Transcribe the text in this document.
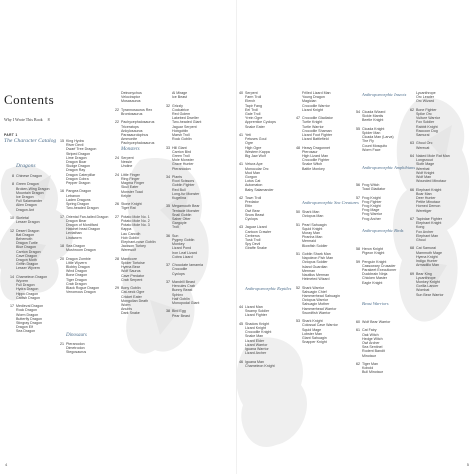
Contents
Why I Wrote This Book 8
PART 1
The Character Catalog
Dragons
8 Chinese Dragon
8 Green Dragon
Broken-Wing Dragon
Mountain Dragon
Ice Dragon
Full Salamander
Alien Dragon
Dragon Ant
10 Skeletal
Lesser Dragon
12 Desert Dragon
Bat Dragon
Behemoth
Dragon Turtle
Blue Dragon
Carrion Dragon
Cave Dragon
Dragon Moth
Griffin Dragon
Lesser Wyvern
14 Chameleon Dragon
Wyvern
Full Dragon
Hydra Dragon
Hippo Dragon
Catfish Dragon
17 Medieval Dragon
Rock Dragon
Worm Dragon
Butterfly Dragon
Stingray Dragon
Dragon Elf
Sea Dragon
15 King Hydra
River Devil
Dwarf Tree Dragon
Striped Dragon
Lime Dragon
Dragon Boar
Sludge Dragon
Dragon Ray
Dragon Caterpillar
Dragon Cobra
Pepper Dragon
16 Pangea Dragon
Lebanon
Laden Dragons
Spring Dragon
Two-headed Dragon
17 Oriental Fan-tailed Dragon
Dragon Bear
Dragon of Mordifard
Hatchet head Dragon
Leviathan
Lindworm
18 Sea Dragon
Mushroom Dragon
20 Dragon Zombie
Little Wyvern
Blobby Dragon
Wind Dragon
Bone Dragon
Tiger Dragon
Crab Dragon
Black Rogue Dragon
Venomous Dragon
Dinosaurs
21 Pteranodon
Dimetrodon
Stegosaurus
Deinonychus
Velociraptor
Mosasaurus
22 Tyrannosaurus Rex
Brontosaurus
22 Pachycephalosaurus
Triceratops
Ankylosaurus
Parasaurolophus
Ammonite
Pachycephalosaurus
Monsters
24 Serpent
Nessie
Undine
24 Little Finger
Ring Finger
Magma Finger
Skull Eater
Monster Toad
Kelpie
26 Stone Knight
Tiger Rat
27 Potato Mole No. 1
Potato Mole No. 2
Potato Mole No. 3
Kappa
Lau Carcolh
Hob Goblin
Elephant-nose Goblin
Jackson Turkey
Werewolf
28 Mantícore
Spider Tortoise
Hyena Bear
Wolf Saurus
Cave Predator
Crab Serpent
29 Bony Goblin
Cat-neck Ogre
Cricket Eater
Mongolian Death
Worm
Anubis
Dark Snake
Al Mirage
Ice Beast
32 Grizzly
Cockatrice
Red Golem
Lakebed Dweller
Two-headed Giant
Jaguar Serpent
Hobgoblin
Marsh Troll
Rock Goblin
33 Hill Giant
Carrion Bird
Green Troll
Mole Monster
Grave Hunter
Pteranodon
34 Plants
Root Scissors
Goblin Fighter
Red Bull
Long-fur Monster
Kugelina
35 Megamouth Bear
Tentacle Monster
Snail Goblin
Saber Otter
Gargoyle
Troll
36 Sun
Pygmy Goblin
Monkey
Lizard Pond
Iron Leaf Lizard
Cobra Lizard
37 Chocolate Iamamia
Crocodile
Cyclops
37 Mandrill Beast
Hercules Crab
Bunny Beast
Sphinx
Half Goblin
Monopodal Giant
38 Bird Egg
Pear Beast
4	5
40 Serpent
Farm Troll
Elerch
Tapir Fang
Eel Troll
Gale Troll
Yrein Ogre
Apprentice Cyclops
Snake Eater
41 Yeti
Fetuses Goul
Ogre
High Ogre
Western Kappa
Big Jaw Wolf
41 Vetura Ape
Monocular Orc
Mud Man
Gorgon
Lotus Cat
Automaton
Baby Salamander
42 Town Troll
Predator
Ettin
Owl Bear
Snow Beast
Cyclops
43 Jaguar Lizard
Cartoon Crawler
Cerberus
Tusk Troll
Spy Devil
Giraffe Snake
Anthropomorphic Reptiles
44 Lizard Man
Swamp Soldier
Lizard Fighter
45 Shadow Knight
Lizard Knight
Crocodile Knight
Snake Man
Lizard Elder
Lizard Warrior
Iguana Warrior
Lizard Archer
46 Iguana Man
Chameleon Knight
Frilled Lizard Man
Young Dragon
Magician
Crocodile Warrior
Lizard Knight
47 Crocodile Gladiator
Turtle Knight
Turtle Warrior
Crocodile Shaman
Lizard Foot Fighter
Lizard Battlefield
48 Heavy Dragonnet
Pterosaur
High Lizard Man
Crocodile Fighter
Snake Witch
Battle Monkey
Anthropomorphic Sea Creatures
50 Shark Man
Octopus Man
51 Pearl Sahuagin
Squid Knight
Moray Man
Piranha Man
Mermaid
Blowfish Soldier
51 Goblin Shark Man
Napoleon Fish Man
Octopus Soldier
Island Guardian
Merman
Nautilus Merman
Helmeted Wizard
52 Shark Warrior
Sahuagin Chief
Hammerhead Sahuagin
Octopus Warrior
Sahuagin Mother
Hammerhead Warrior
Swordfish Warrior
53 Shark Knight
Colossal Cave Warrior
Squid Mage
Lobster Man
Giant Sahuagin
Snapper Knight
Anthropomorphic Insects
54 Cicada Wizard
Sickle Mantis
Beetle Knight
55 Cicada Knight
Spider Man
Cicada Man (Larva)
The Fly
Count Mosquito
Worm Face
Anthropomorphic Amphibians
56 Frog Witch
Toad Gladiator
57 Frog Knight
Frog Fighter
Frog Knight
Frog Mage
Frog Warrior
Frog Archer
Anthropomorphic Birds
58 Heron Knight
Pigeon Knight
59 Penguin Knight
Cassowary Crusader
Parakeet Executioner
Duckbrain Ninja
Chicken Master
Eagle Knight
Lycanthrope
Orc Leader
Orc Wizard
62 Bone Fighter
Spike Orc
Vulture Warrior
Fox Soldier
Rabbit Knight
Raccoon Dog
Samurai
63 Ghoul Orc
Werecat
64 Naked Mole Rat Man
Longsnout
Sloth Mage
Werebat
Wolf Knight
Wolf Man
Wounded Minotaur
66 Elephant Knight
Boar Man
Deer Hunter
Petite Minotaur
Horned Demon
Weretiger
67 Tapirdae Fighter
Elephant Knight
Kong
Fox Archer
Elephant Man
Ghoul
68 Cat Samurai
Mammoth Mage
Hyena Knight
Indigo Hunter
Armadillo Man
69 Bear King
Lycanthrope
Monkey Knight
Gorilla Lancer
Wombat
Sun Bear Warrior
Beast Warriors
60 Wolf Bear Warrior
61 Cat Fairy
Oak Witch
Hedge Witch
Owl Archer
Sea Sentinel
Rodent Bandit
Minotaur
62 Tiger Man
Kobold
Bull Minotaur
